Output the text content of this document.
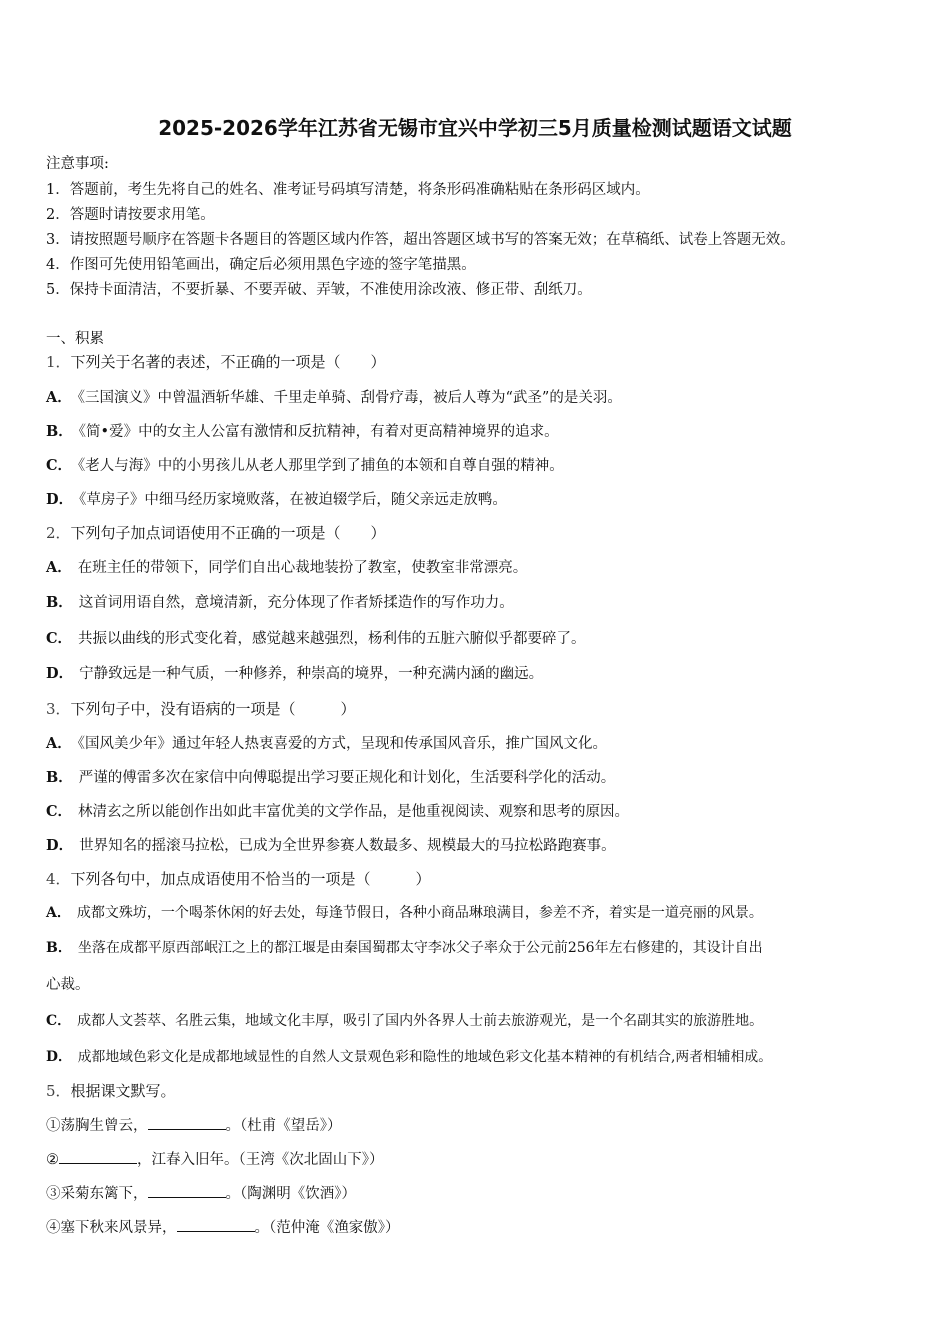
2025-2026学年江苏省无锡市宜兴中学初三5月质量检测试题语文试题
注意事项:
1．答题前，考生先将自己的姓名、准考证号码填写清楚，将条形码准确粘贴在条形码区域内。
2．答题时请按要求用笔。
3．请按照题号顺序在答题卡各题目的答题区域内作答，超出答题区域书写的答案无效；在草稿纸、试卷上答题无效。
4．作图可先使用铅笔画出，确定后必须用黑色字迹的签字笔描黑。
5．保持卡面清洁，不要折暴、不要弄破、弄皱，不准使用涂改液、修正带、刮纸刀。
一、积累
1．下列关于名著的表述，不正确的一项是（　　）
A． 《三国演义》中曾温酒斩华雄、千里走单骑、刮骨疗毒，被后人尊为“武圣”的是关羽。
B． 《简•爱》中的女主人公富有激情和反抗精神，有着对更高精神境界的追求。
C． 《老人与海》中的小男孩儿从老人那里学到了捕鱼的本领和自尊自强的精神。
D． 《草房子》中细马经历家境败落，在被迫辍学后，随父亲远走放鸭。
2．下列句子加点词语使用不正确的一项是（　　）
A． 在班主任的带领下，同学们自出心裁地装扮了教室，使教室非常漂亮。
B． 这首词用语自然，意境清新，充分体现了作者矫揉造作的写作功力。
C． 共振以曲线的形式变化着，感觉越来越强烈，杨利伟的五脏六腑似乎都要碎了。
D． 宁静致远是一种气质，一种修养，种崇高的境界，一种充满内涵的幽远。
3．下列句子中，没有语病的一项是（　　　）
A． 《国风美少年》通过年轻人热衷喜爱的方式，呈现和传承国风音乐，推广国风文化。
B． 严谨的傅雷多次在家信中向傅聪提出学习要正规化和计划化，生活要科学化的活动。
C． 林清玄之所以能创作出如此丰富优美的文学作品，是他重视阅读、观察和思考的原因。
D． 世界知名的摇滚马拉松，已成为全世界参赛人数最多、规模最大的马拉松路跑赛事。
4．下列各句中，加点成语使用不恰当的一项是（　　　）
A． 成都文殊坊，一个喝茶休闲的好去处，每逢节假日，各种小商品琳琅满目，参差不齐，着实是一道亮丽的风景。
B． 坐落在成都平原西部岷江之上的都江堰是由秦国蜀郡太守李冰父子率众于公元前256年左右修建的，其设计自出
心裁。
C． 成都人文荟萃、名胜云集，地域文化丰厚，吸引了国内外各界人士前去旅游观光，是一个名副其实的旅游胜地。
D． 成都地域色彩文化是成都地域显性的自然人文景观色彩和隐性的地域色彩文化基本精神的有机结合,两者相辅相成。
5．根据课文默写。
①荡胸生曾云，	。（杜甫《望岳》）
②	，江春入旧年。（王湾《次北固山下》）
③采菊东篱下，	。（陶渊明《饮酒》）
④塞下秋来风景异，	。（范仲淹《渔家傲》）
